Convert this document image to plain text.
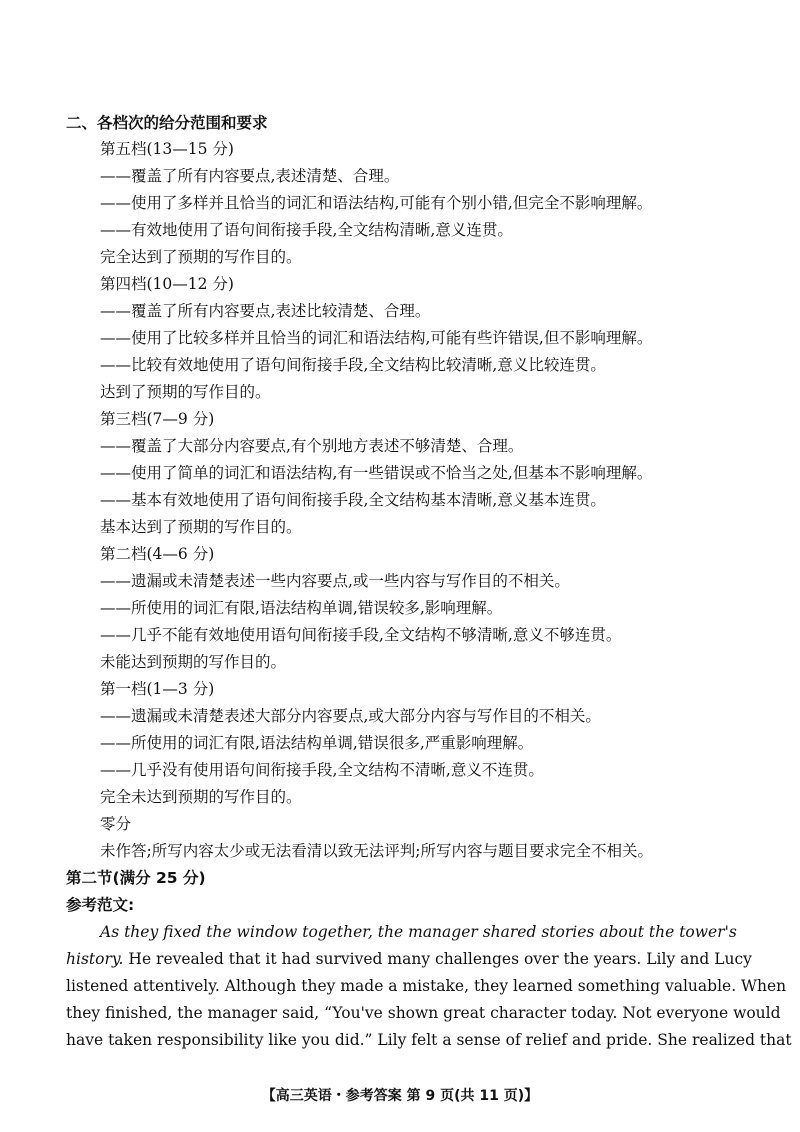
二、各档次的给分范围和要求
第五档(13—15 分)
——覆盖了所有内容要点,表述清楚、合理。
——使用了多样并且恰当的词汇和语法结构,可能有个别小错,但完全不影响理解。
——有效地使用了语句间衔接手段,全文结构清晰,意义连贯。
完全达到了预期的写作目的。
第四档(10—12 分)
——覆盖了所有内容要点,表述比较清楚、合理。
——使用了比较多样并且恰当的词汇和语法结构,可能有些许错误,但不影响理解。
——比较有效地使用了语句间衔接手段,全文结构比较清晰,意义比较连贯。
达到了预期的写作目的。
第三档(7—9 分)
——覆盖了大部分内容要点,有个别地方表述不够清楚、合理。
——使用了简单的词汇和语法结构,有一些错误或不恰当之处,但基本不影响理解。
——基本有效地使用了语句间衔接手段,全文结构基本清晰,意义基本连贯。
基本达到了预期的写作目的。
第二档(4—6 分)
——遗漏或未清楚表述一些内容要点,或一些内容与写作目的不相关。
——所使用的词汇有限,语法结构单调,错误较多,影响理解。
——几乎不能有效地使用语句间衔接手段,全文结构不够清晰,意义不够连贯。
未能达到预期的写作目的。
第一档(1—3 分)
——遗漏或未清楚表述大部分内容要点,或大部分内容与写作目的不相关。
——所使用的词汇有限,语法结构单调,错误很多,严重影响理解。
——几乎没有使用语句间衔接手段,全文结构不清晰,意义不连贯。
完全未达到预期的写作目的。
零分
未作答;所写内容太少或无法看清以致无法评判;所写内容与题目要求完全不相关。
第二节(满分 25 分)
参考范文:
As they fixed the window together, the manager shared stories about the tower's
history. He revealed that it had survived many challenges over the years. Lily and Lucy
listened attentively. Although they made a mistake, they learned something valuable. When
they finished, the manager said, “You've shown great character today. Not everyone would
have taken responsibility like you did.” Lily felt a sense of relief and pride. She realized that
【高三英语・参考答案 第 9 页(共 11 页)】
